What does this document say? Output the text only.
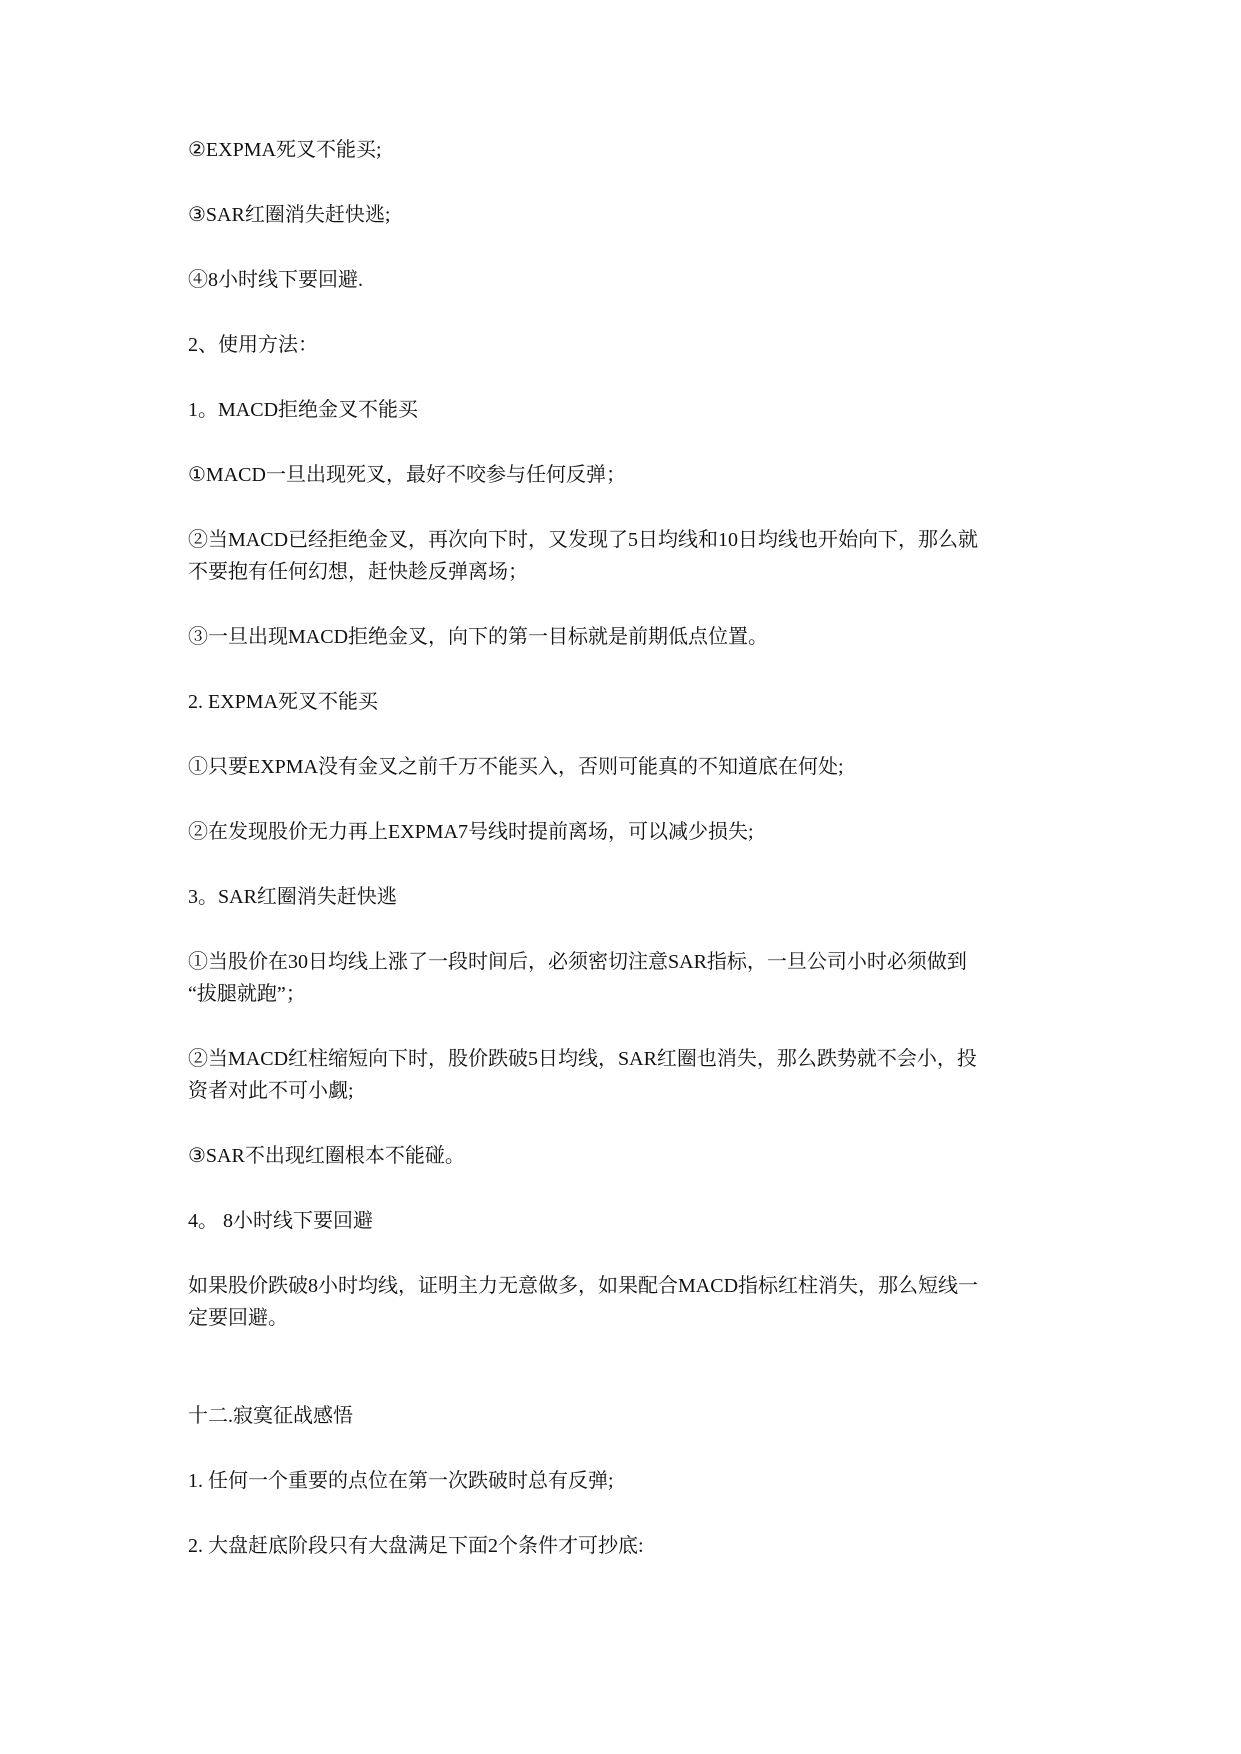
②EXPMA死叉不能买;
③SAR红圈消失赶快逃;
④8小时线下要回避.
2、使用方法：
1。MACD拒绝金叉不能买
①MACD一旦出现死叉，最好不咬参与任何反弹；
②当MACD已经拒绝金叉，再次向下时，又发现了5日均线和10日均线也开始向下，那么就
不要抱有任何幻想，赶快趁反弹离场；
③一旦出现MACD拒绝金叉，向下的第一目标就是前期低点位置。
2. EXPMA死叉不能买
①只要EXPMA没有金叉之前千万不能买入，否则可能真的不知道底在何处;
②在发现股价无力再上EXPMA7号线时提前离场，可以减少损失;
3。SAR红圈消失赶快逃
①当股价在30日均线上涨了一段时间后，必须密切注意SAR指标，一旦公司小时必须做到
“拔腿就跑”；
②当MACD红柱缩短向下时，股价跌破5日均线，SAR红圈也消失，那么跌势就不会小，投
资者对此不可小觑;
③SAR不出现红圈根本不能碰。
4。 8小时线下要回避
如果股价跌破8小时均线，证明主力无意做多，如果配合MACD指标红柱消失，那么短线一
定要回避。
十二.寂寞征战感悟
1. 任何一个重要的点位在第一次跌破时总有反弹;
2. 大盘赶底阶段只有大盘满足下面2个条件才可抄底:
